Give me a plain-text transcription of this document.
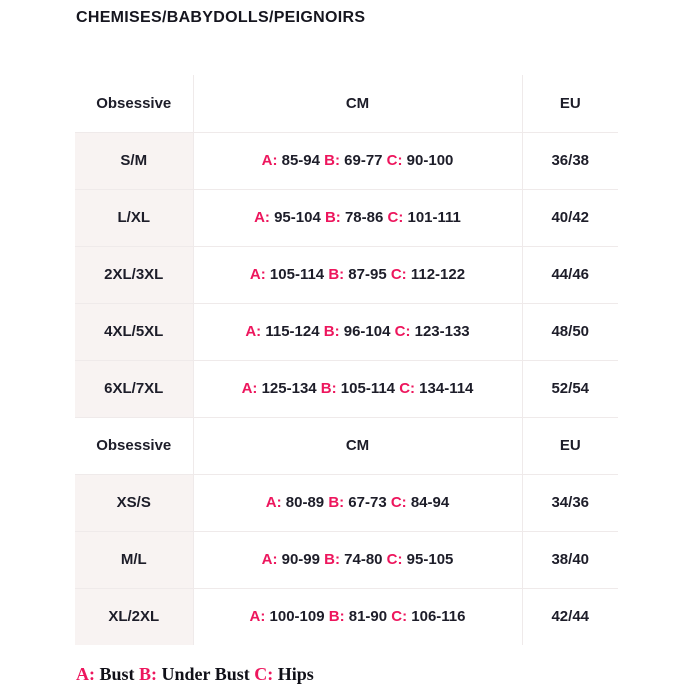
CHEMISES/BABYDOLLS/PEIGNOIRS
Obsessive	CM	EU
S/M	A: 85-94 B: 69-77 C: 90-100	36/38
L/XL	A: 95-104 B: 78-86 C: 101-111	40/42
2XL/3XL	A: 105-114 B: 87-95 C: 112-122	44/46
4XL/5XL	A: 115-124 B: 96-104 C: 123-133	48/50
6XL/7XL	A: 125-134 B: 105-114 C: 134-114	52/54
Obsessive	CM	EU
XS/S	A: 80-89 B: 67-73 C: 84-94	34/36
M/L	A: 90-99 B: 74-80 C: 95-105	38/40
XL/2XL	A: 100-109 B: 81-90 C: 106-116	42/44

A: Bust B: Under Bust C: Hips
